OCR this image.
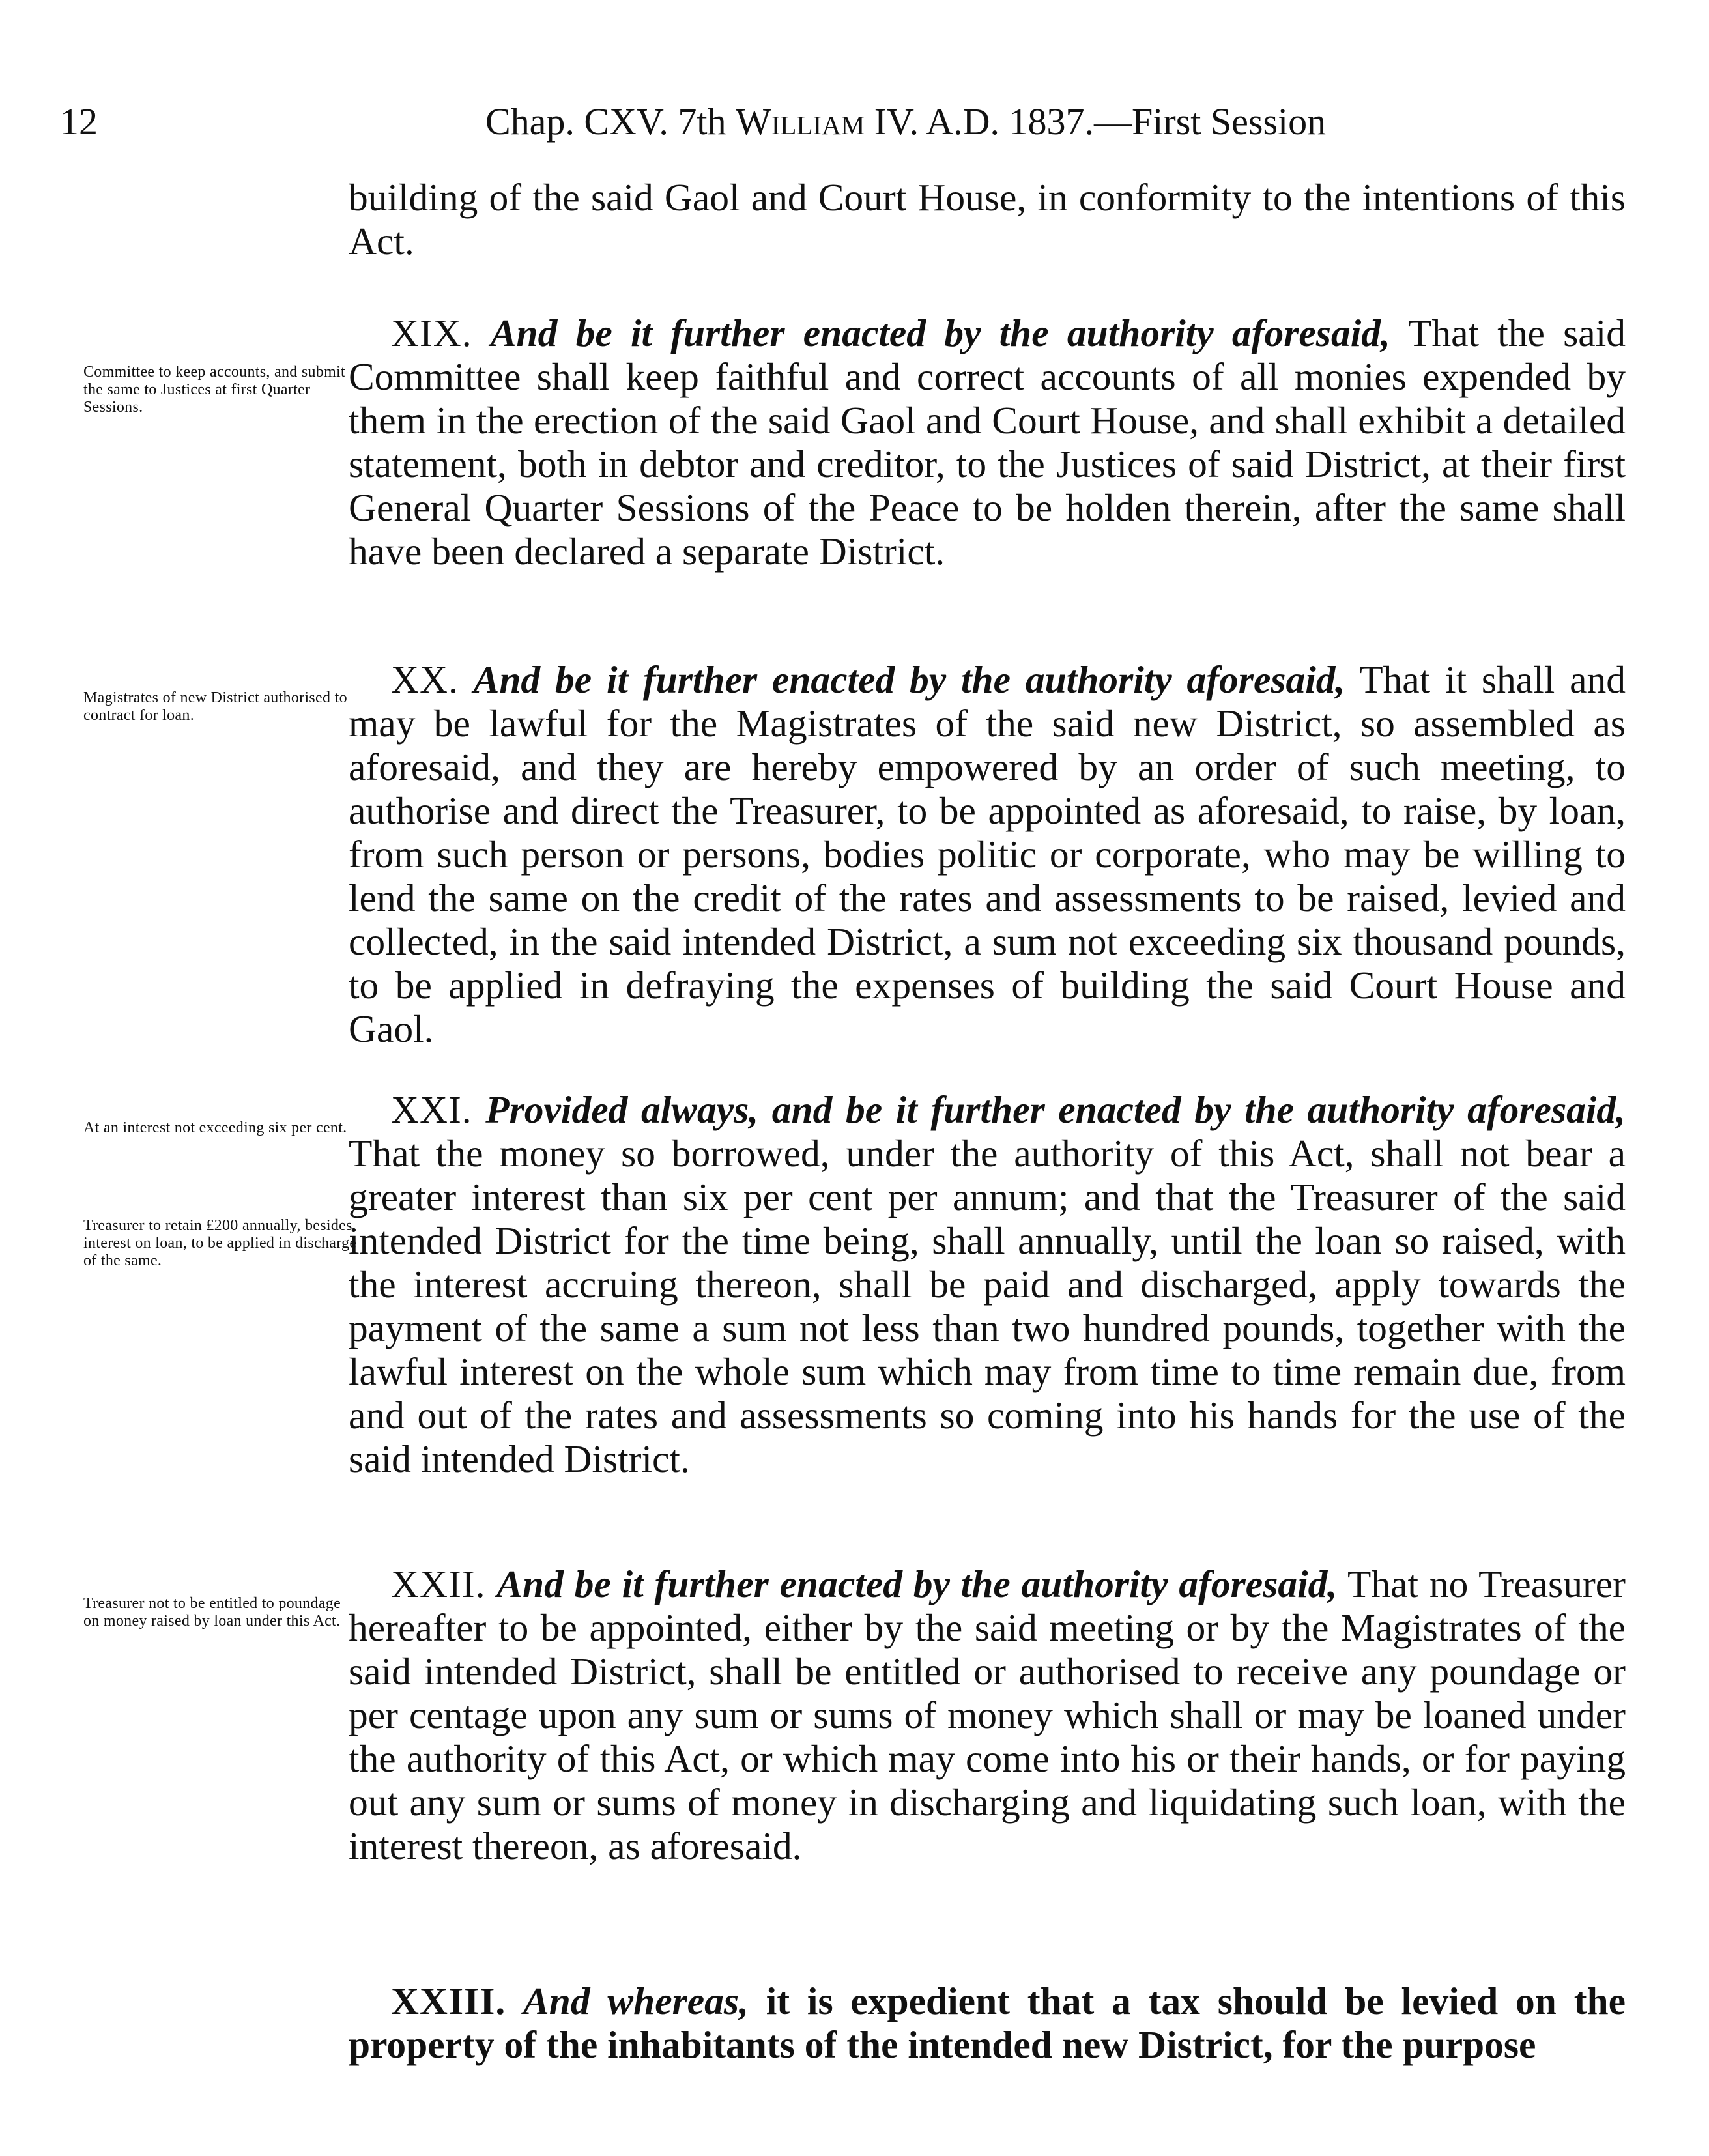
12	Chap. CXV. 7th William IV. A.D. 1837.—First Session

building of the said Gaol and Court House, in conformity to the intentions of this Act.

Committee to keep accounts, and submit the same to Justices at first Quarter Sessions.

XIX. And be it further enacted by the authority aforesaid, That the said Committee shall keep faithful and correct accounts of all monies expended by them in the erection of the said Gaol and Court House, and shall exhibit a detailed statement, both in debtor and creditor, to the Justices of said District, at their first General Quarter Sessions of the Peace to be holden therein, after the same shall have been declared a separate District.

Magistrates of new District authorised to contract for loan.

XX. And be it further enacted by the authority aforesaid, That it shall and may be lawful for the Magistrates of the said new District, so assembled as aforesaid, and they are hereby empowered by an order of such meeting, to authorise and direct the Treasurer, to be appointed as aforesaid, to raise, by loan, from such person or persons, bodies politic or corporate, who may be willing to lend the same on the credit of the rates and assessments to be raised, levied and collected, in the said intended District, a sum not exceeding six thousand pounds, to be applied in defraying the expenses of building the said Court House and Gaol.

At an interest not exceeding six per cent.
Treasurer to retain £200 annually, besides interest on loan, to be applied in discharge of the same.

XXI. Provided always, and be it further enacted by the authority aforesaid, That the money so borrowed, under the authority of this Act, shall not bear a greater interest than six per cent per annum; and that the Treasurer of the said intended District for the time being, shall annually, until the loan so raised, with the interest accruing thereon, shall be paid and discharged, apply towards the payment of the same a sum not less than two hundred pounds, together with the lawful interest on the whole sum which may from time to time remain due, from and out of the rates and assessments so coming into his hands for the use of the said intended District.

Treasurer not to be entitled to poundage on money raised by loan under this Act.

XXII. And be it further enacted by the authority aforesaid, That no Treasurer hereafter to be appointed, either by the said meeting or by the Magistrates of the said intended District, shall be entitled or authorised to receive any poundage or per centage upon any sum or sums of money which shall or may be loaned under the authority of this Act, or which may come into his or their hands, or for paying out any sum or sums of money in discharging and liquidating such loan, with the interest thereon, as aforesaid.

XXIII. And whereas, it is expedient that a tax should be levied on the property of the inhabitants of the intended new District, for the purpose
